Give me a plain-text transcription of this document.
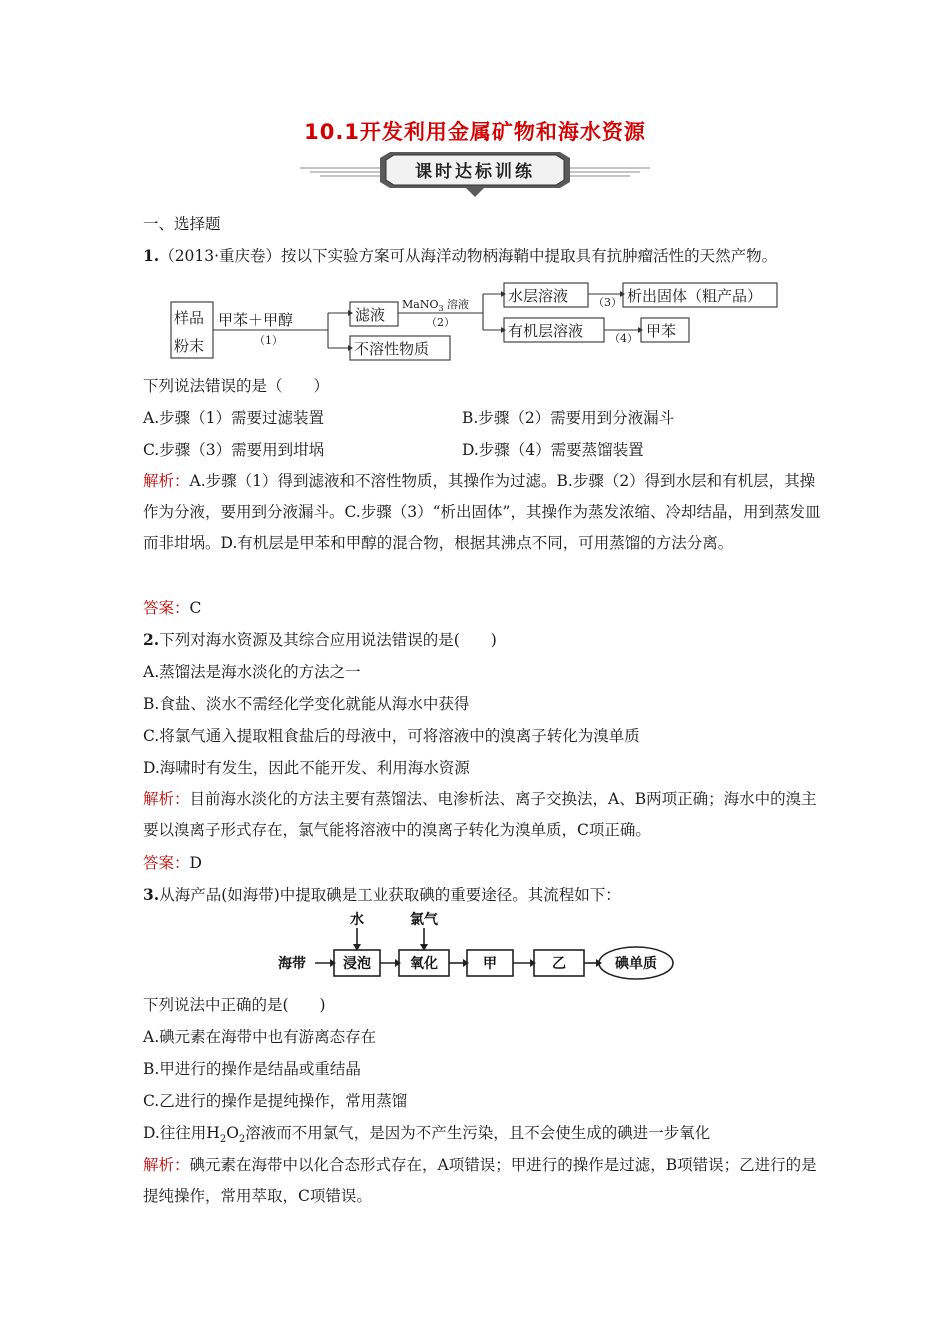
10.1开发利用金属矿物和海水资源
课时达标训练
一、选择题
1.（2013·重庆卷）按以下实验方案可从海洋动物柄海鞘中提取具有抗肿瘤活性的天然产物。
样品
粉末
甲苯＋甲醇	滤液
不溶性物质
水层溶液	析出固体（粗产品）
有机层溶液	甲苯
（1）
MaNO$_3$ 溶液
（2）
（3）
（4）
下列说法错误的是（　　）
A.步骤（1）需要过滤装置	B.步骤（2）需要用到分液漏斗
C.步骤（3）需要用到坩埚	D.步骤（4）需要蒸馏装置
解析：A.步骤（1）得到滤液和不溶性物质，其操作为过滤。B.步骤（2）得到水层和有机层，其操作为分液，要用到分液漏斗。C.步骤（3）“析出固体”，其操作为蒸发浓缩、冷却结晶，用到蒸发皿而非坩埚。D.有机层是甲苯和甲醇的混合物，根据其沸点不同，可用蒸馏的方法分离。
答案：C
2.下列对海水资源及其综合应用说法错误的是(　　)
A.蒸馏法是海水淡化的方法之一
B.食盐、淡水不需经化学变化就能从海水中获得
C.将氯气通入提取粗食盐后的母液中，可将溶液中的溴离子转化为溴单质
D.海啸时有发生，因此不能开发、利用海水资源
解析：目前海水淡化的方法主要有蒸馏法、电渗析法、离子交换法，A、B两项正确；海水中的溴主要以溴离子形式存在，氯气能将溶液中的溴离子转化为溴单质，C项正确。
答案：D
3.从海产品(如海带)中提取碘是工业获取碘的重要途径。其流程如下：
水	氯气
海带	浸泡	氧化	甲	乙	碘单质
下列说法中正确的是(　　)
A.碘元素在海带中也有游离态存在
B.甲进行的操作是结晶或重结晶
C.乙进行的操作是提纯操作，常用蒸馏
D.往往用$H_2O_2$溶液而不用氯气，是因为不产生污染，且不会使生成的碘进一步氧化
解析：碘元素在海带中以化合态形式存在，A项错误；甲进行的操作是过滤，B项错误；乙进行的是提纯操作，常用萃取，C项错误。
